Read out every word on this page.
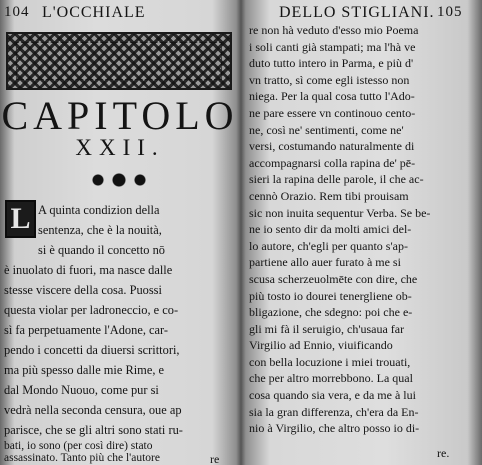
104 L'OCCHIALE
CAPITOLO
XXII.
L A quinta condizion della
sentenza, che è la nouità,
si è quando il concetto nō
è inuolato di fuori, ma nasce dalle
stesse viscere della cosa. Puossi
questa violar per ladroneccio, e co-
sì fa perpetuamente l'Adone, car-
pendo i concetti da diuersi scrittori,
ma più spesso dalle mie Rime, e
dal Mondo Nuouo, come pur si
vedrà nella seconda censura, oue ap
parisce, che se gli altri sono stati ru-
bati, io sono (per così dire) stato
assassinato. Tanto più che l'autore	re
DELLO STIGLIANI. 105
re non hà veduto d'esso mio Poema
i soli canti già stampati; ma l'hà ve
duto tutto intero in Parma, e più d'
vn tratto, sì come egli istesso non
niega. Per la qual cosa tutto l'Ado-
ne pare essere vn continouo cento-
ne, così ne' sentimenti, come ne'
versi, costumando naturalmente di
accompagnarsi colla rapina de' pē-
sieri la rapina delle parole, il che ac-
cennò Orazio. Rem tibi prouisam
sic non inuita sequentur Verba. Se be-
ne io sento dir da molti amici del-
lo autore, ch'egli per quanto s'ap-
partiene allo auer furato à me si
scusa scherzeuolmēte con dire, che
più tosto io dourei tenergliene ob-
bligazione, che sdegno: poi che e-
gli mi fà il seruigio, ch'usaua far
Virgilio ad Ennio, viuificando
con bella locuzione i miei trouati,
che per altro morrebbono. La qual
cosa quando sia vera, e da me à lui
sia la gran differenza, ch'era da En-
nio à Virgilio, che altro posso io di-
re.
